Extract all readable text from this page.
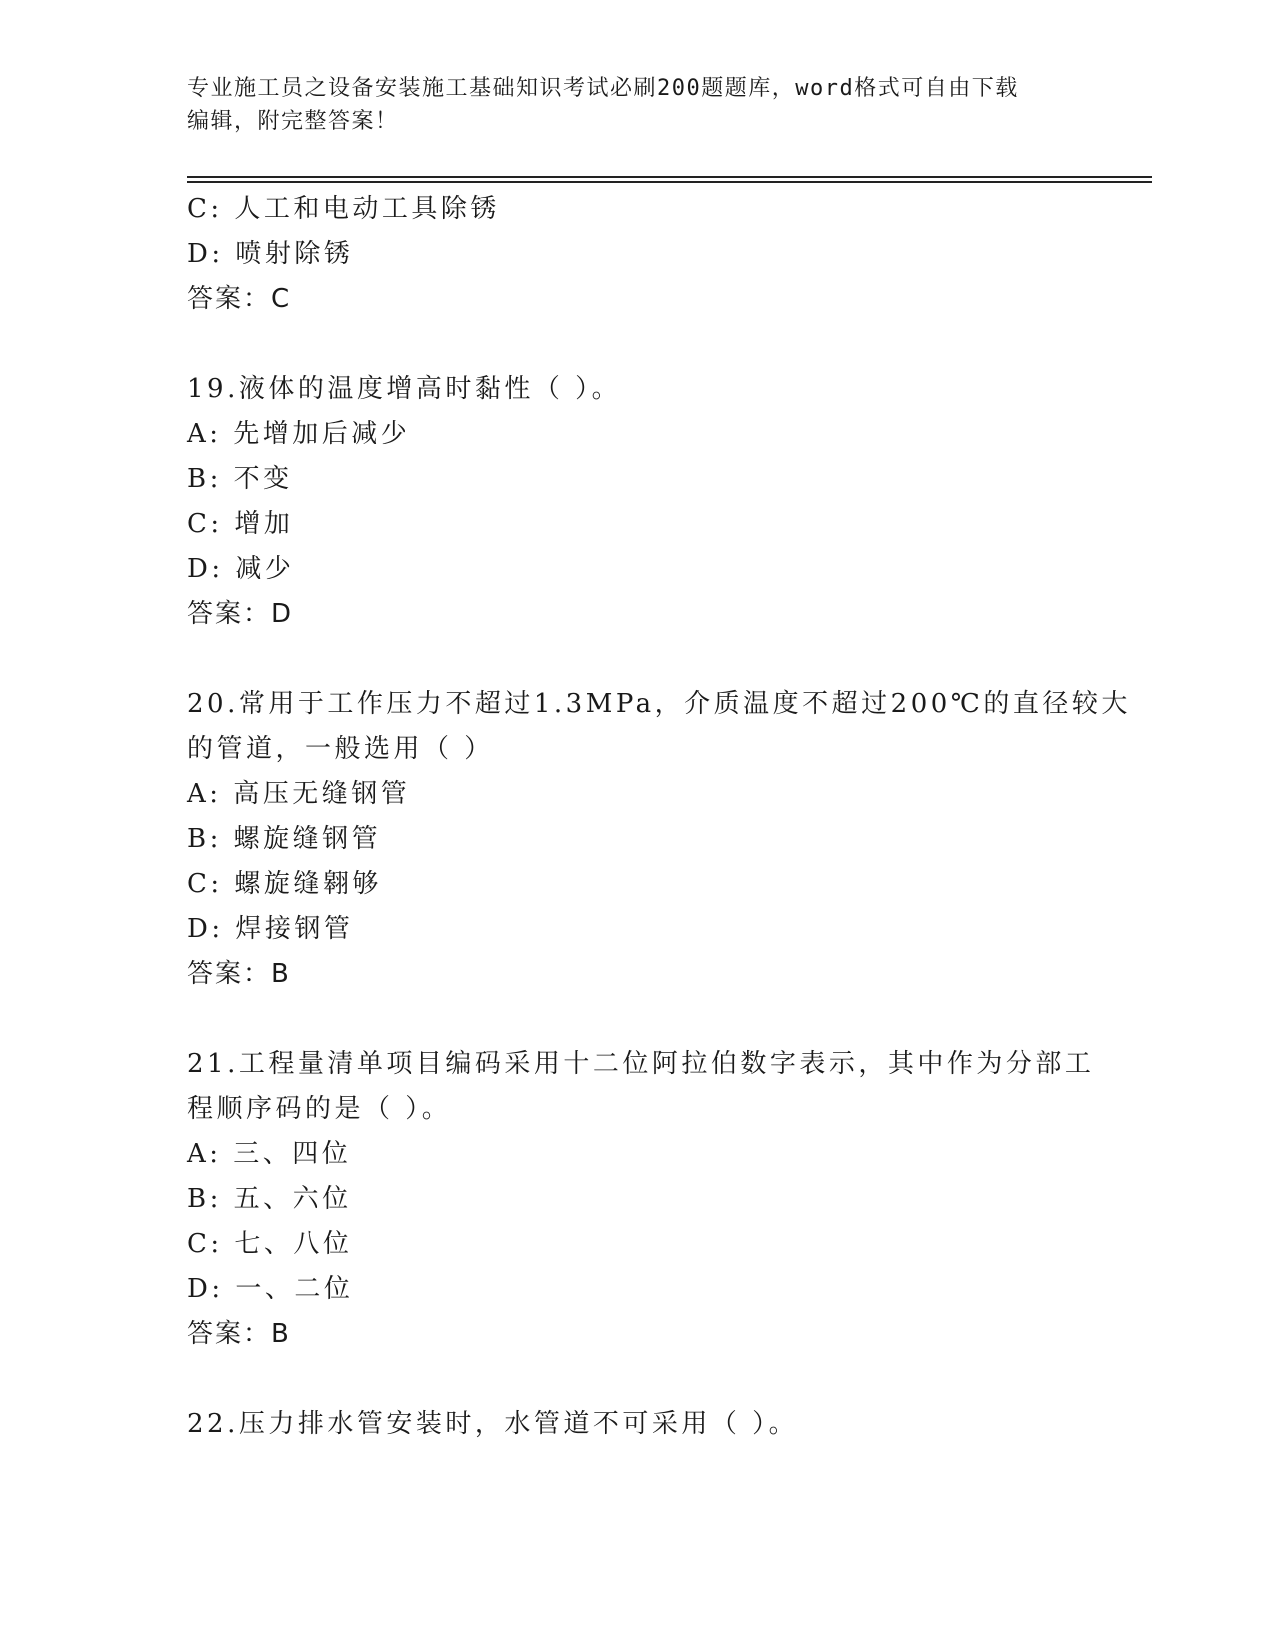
专业施工员之设备安装施工基础知识考试必刷200题题库，word格式可自由下载
编辑，附完整答案！
C: 人工和电动工具除锈
D: 喷射除锈
答案：C
19.液体的温度增高时黏性（ ）。
A: 先增加后减少
B: 不变
C: 增加
D: 减少
答案：D
20.常用于工作压力不超过1.3MPa，介质温度不超过200℃的直径较大
的管道，一般选用（ ）
A: 高压无缝钢管
B: 螺旋缝钢管
C: 螺旋缝翱够
D: 焊接钢管
答案：B
21.工程量清单项目编码采用十二位阿拉伯数字表示，其中作为分部工
程顺序码的是（ ）。
A: 三、四位
B: 五、六位
C: 七、八位
D: 一、二位
答案：B
22.压力排水管安装时，水管道不可采用（ ）。
